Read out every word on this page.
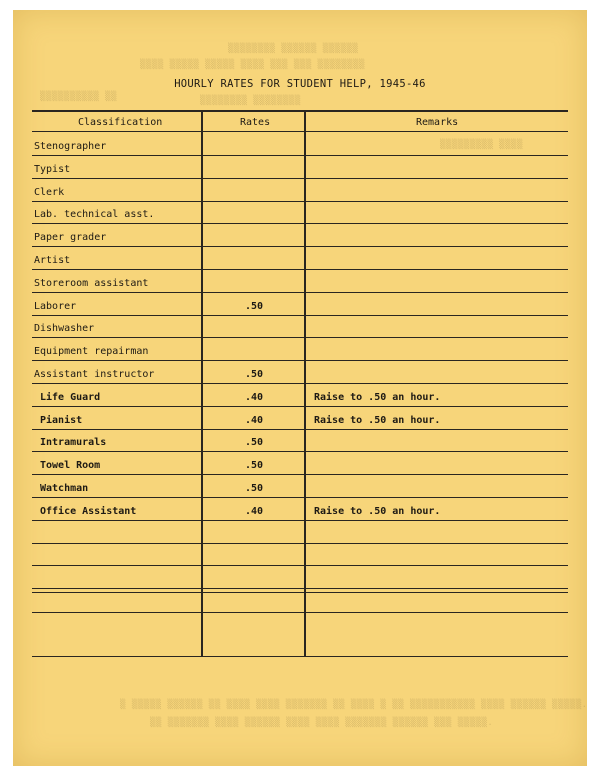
▒▒▒▒▒▒▒▒ ▒▒▒▒▒▒ ▒▒▒▒▒▒
▒▒▒▒ ▒▒▒▒▒ ▒▒▒▒▒ ▒▒▒▒ ▒▒▒ ▒▒▒ ▒▒▒▒▒▒▒▒
▒▒▒▒▒▒▒▒▒▒ ▒▒	▒▒▒▒▒▒▒▒ ▒▒▒▒▒▒▒▒
▒▒▒▒▒▒▒▒▒ ▒▒▒▒
▒ ▒▒▒▒▒ ▒▒▒▒▒▒ ▒▒ ▒▒▒▒ ▒▒▒▒ ▒▒▒▒▒▒▒ ▒▒ ▒▒▒▒ ▒ ▒▒ ▒▒▒▒▒▒▒▒▒▒▒ ▒▒▒▒ ▒▒▒▒▒▒ ▒▒▒▒▒.
▒▒ ▒▒▒▒▒▒▒ ▒▒▒▒ ▒▒▒▒▒▒ ▒▒▒▒ ▒▒▒▒ ▒▒▒▒▒▒▒ ▒▒▒▒▒▒ ▒▒▒ ▒▒▒▒▒.
HOURLY RATES FOR STUDENT HELP, 1945-46
Classification	Rates	Remarks
Stenographer
Typist
Clerk
Lab. technical asst.
Paper grader
Artist
Storeroom assistant
Laborer	.50
Dishwasher
Equipment repairman
Assistant instructor	.50
Life Guard	.40	Raise to .50 an hour.
Pianist	.40	Raise to .50 an hour.
Intramurals	.50
Towel Room	.50
Watchman	.50
Office Assistant	.40	Raise to .50 an hour.
